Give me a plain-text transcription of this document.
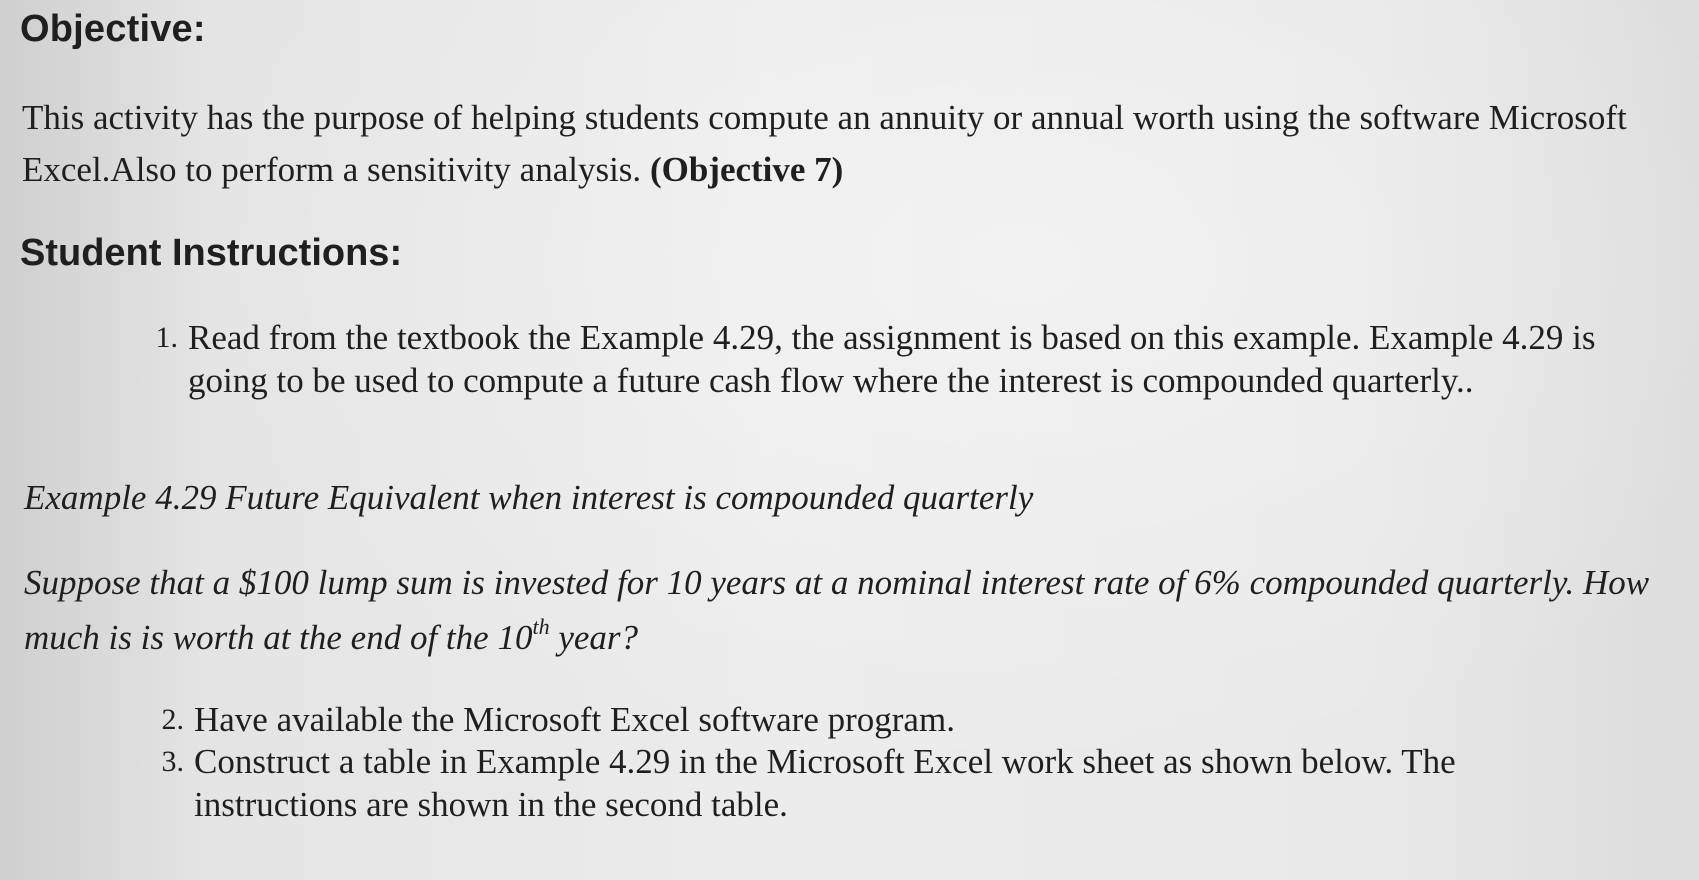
Objective:

This activity has the purpose of helping students compute an annuity or annual worth using the software Microsoft Excel.Also to perform a sensitivity analysis. (Objective 7)

Student Instructions:
1. Read from the textbook the Example 4.29, the assignment is based on this example. Example 4.29 is going to be used to compute a future cash flow where the interest is compounded quarterly..

Example 4.29 Future Equivalent when interest is compounded quarterly

Suppose that a $100 lump sum is invested for 10 years at a nominal interest rate of 6% compounded quarterly. How much is is worth at the end of the 10th year?

2. Have available the Microsoft Excel software program.
3. Construct a table in Example 4.29 in the Microsoft Excel work sheet as shown below. The instructions are shown in the second table.
